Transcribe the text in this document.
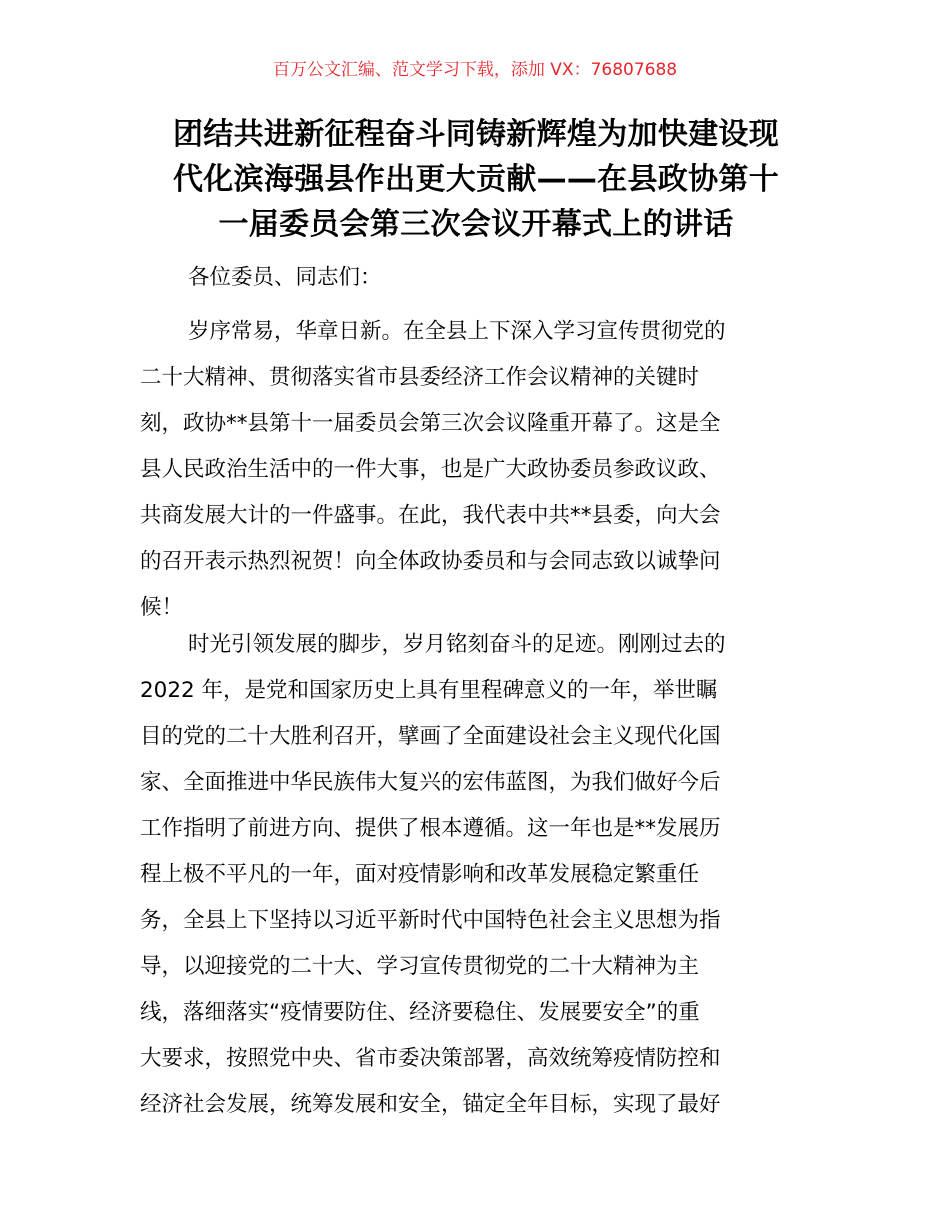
百万公文汇编、范文学习下载，添加 VX：76807688
团结共进新征程奋斗同铸新辉煌为加快建设现
代化滨海强县作出更大贡献——在县政协第十
一届委员会第三次会议开幕式上的讲话
各位委员、同志们：
岁序常易，华章日新。在全县上下深入学习宣传贯彻党的
二十大精神、贯彻落实省市县委经济工作会议精神的关键时
刻，政协**县第十一届委员会第三次会议隆重开幕了。这是全
县人民政治生活中的一件大事，也是广大政协委员参政议政、
共商发展大计的一件盛事。在此，我代表中共**县委，向大会
的召开表示热烈祝贺！向全体政协委员和与会同志致以诚挚问
候！
时光引领发展的脚步，岁月铭刻奋斗的足迹。刚刚过去的
2022 年，是党和国家历史上具有里程碑意义的一年，举世瞩
目的党的二十大胜利召开，擘画了全面建设社会主义现代化国
家、全面推进中华民族伟大复兴的宏伟蓝图，为我们做好今后
工作指明了前进方向、提供了根本遵循。这一年也是**发展历
程上极不平凡的一年，面对疫情影响和改革发展稳定繁重任
务，全县上下坚持以习近平新时代中国特色社会主义思想为指
导，以迎接党的二十大、学习宣传贯彻党的二十大精神为主
线，落细落实“疫情要防住、经济要稳住、发展要安全”的重
大要求，按照党中央、省市委决策部署，高效统筹疫情防控和
经济社会发展，统筹发展和安全，锚定全年目标，实现了最好
